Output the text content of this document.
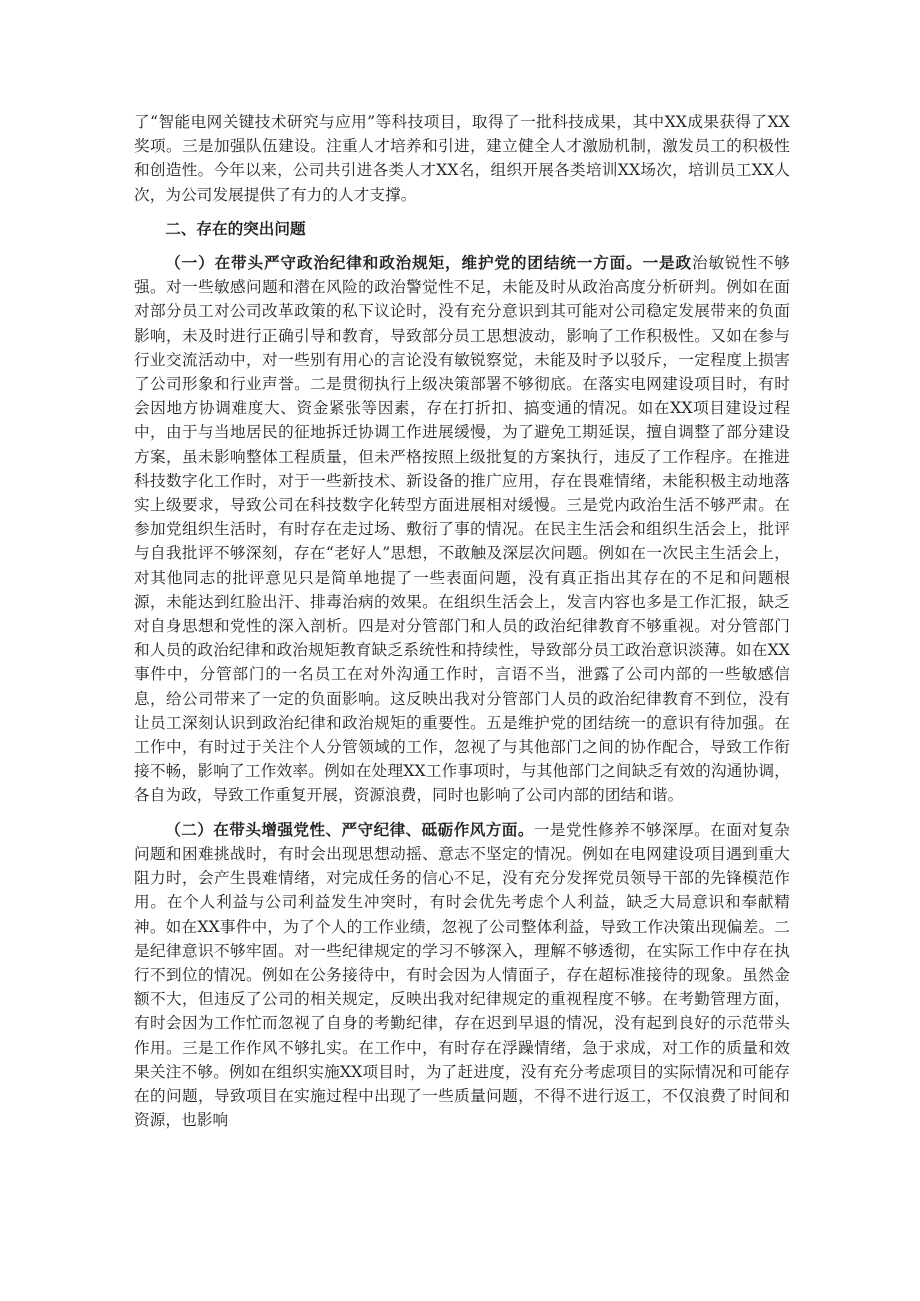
了“智能电网关键技术研究与应用”等科技项目，取得了一批科技成果，其中XX成果获得了XX奖项。三是加强队伍建设。注重人才培养和引进，建立健全人才激励机制，激发员工的积极性和创造性。今年以来，公司共引进各类人才XX名，组织开展各类培训XX场次，培训员工XX人次，为公司发展提供了有力的人才支撑。

二、存在的突出问题

（一）在带头严守政治纪律和政治规矩，维护党的团结统一方面。一是政治敏锐性不够强。对一些敏感问题和潜在风险的政治警觉性不足，未能及时从政治高度分析研判。例如在面对部分员工对公司改革政策的私下议论时，没有充分意识到其可能对公司稳定发展带来的负面影响，未及时进行正确引导和教育，导致部分员工思想波动，影响了工作积极性。又如在参与行业交流活动中，对一些别有用心的言论没有敏锐察觉，未能及时予以驳斥，一定程度上损害了公司形象和行业声誉。二是贯彻执行上级决策部署不够彻底。在落实电网建设项目时，有时会因地方协调难度大、资金紧张等因素，存在打折扣、搞变通的情况。如在XX项目建设过程中，由于与当地居民的征地拆迁协调工作进展缓慢，为了避免工期延误，擅自调整了部分建设方案，虽未影响整体工程质量，但未严格按照上级批复的方案执行，违反了工作程序。在推进科技数字化工作时，对于一些新技术、新设备的推广应用，存在畏难情绪，未能积极主动地落实上级要求，导致公司在科技数字化转型方面进展相对缓慢。三是党内政治生活不够严肃。在参加党组织生活时，有时存在走过场、敷衍了事的情况。在民主生活会和组织生活会上，批评与自我批评不够深刻，存在“老好人”思想，不敢触及深层次问题。例如在一次民主生活会上，对其他同志的批评意见只是简单地提了一些表面问题，没有真正指出其存在的不足和问题根源，未能达到红脸出汗、排毒治病的效果。在组织生活会上，发言内容也多是工作汇报，缺乏对自身思想和党性的深入剖析。四是对分管部门和人员的政治纪律教育不够重视。对分管部门和人员的政治纪律和政治规矩教育缺乏系统性和持续性，导致部分员工政治意识淡薄。如在XX事件中，分管部门的一名员工在对外沟通工作时，言语不当，泄露了公司内部的一些敏感信息，给公司带来了一定的负面影响。这反映出我对分管部门人员的政治纪律教育不到位，没有让员工深刻认识到政治纪律和政治规矩的重要性。五是维护党的团结统一的意识有待加强。在工作中，有时过于关注个人分管领域的工作，忽视了与其他部门之间的协作配合，导致工作衔接不畅，影响了工作效率。例如在处理XX工作事项时，与其他部门之间缺乏有效的沟通协调，各自为政，导致工作重复开展，资源浪费，同时也影响了公司内部的团结和谐。

（二）在带头增强党性、严守纪律、砥砺作风方面。一是党性修养不够深厚。在面对复杂问题和困难挑战时，有时会出现思想动摇、意志不坚定的情况。例如在电网建设项目遇到重大阻力时，会产生畏难情绪，对完成任务的信心不足，没有充分发挥党员领导干部的先锋模范作用。在个人利益与公司利益发生冲突时，有时会优先考虑个人利益，缺乏大局意识和奉献精神。如在XX事件中，为了个人的工作业绩，忽视了公司整体利益，导致工作决策出现偏差。二是纪律意识不够牢固。对一些纪律规定的学习不够深入，理解不够透彻，在实际工作中存在执行不到位的情况。例如在公务接待中，有时会因为人情面子，存在超标准接待的现象。虽然金额不大，但违反了公司的相关规定，反映出我对纪律规定的重视程度不够。在考勤管理方面，有时会因为工作忙而忽视了自身的考勤纪律，存在迟到早退的情况，没有起到良好的示范带头作用。三是工作作风不够扎实。在工作中，有时存在浮躁情绪，急于求成，对工作的质量和效果关注不够。例如在组织实施XX项目时，为了赶进度，没有充分考虑项目的实际情况和可能存在的问题，导致项目在实施过程中出现了一些质量问题，不得不进行返工，不仅浪费了时间和资源，也影响
